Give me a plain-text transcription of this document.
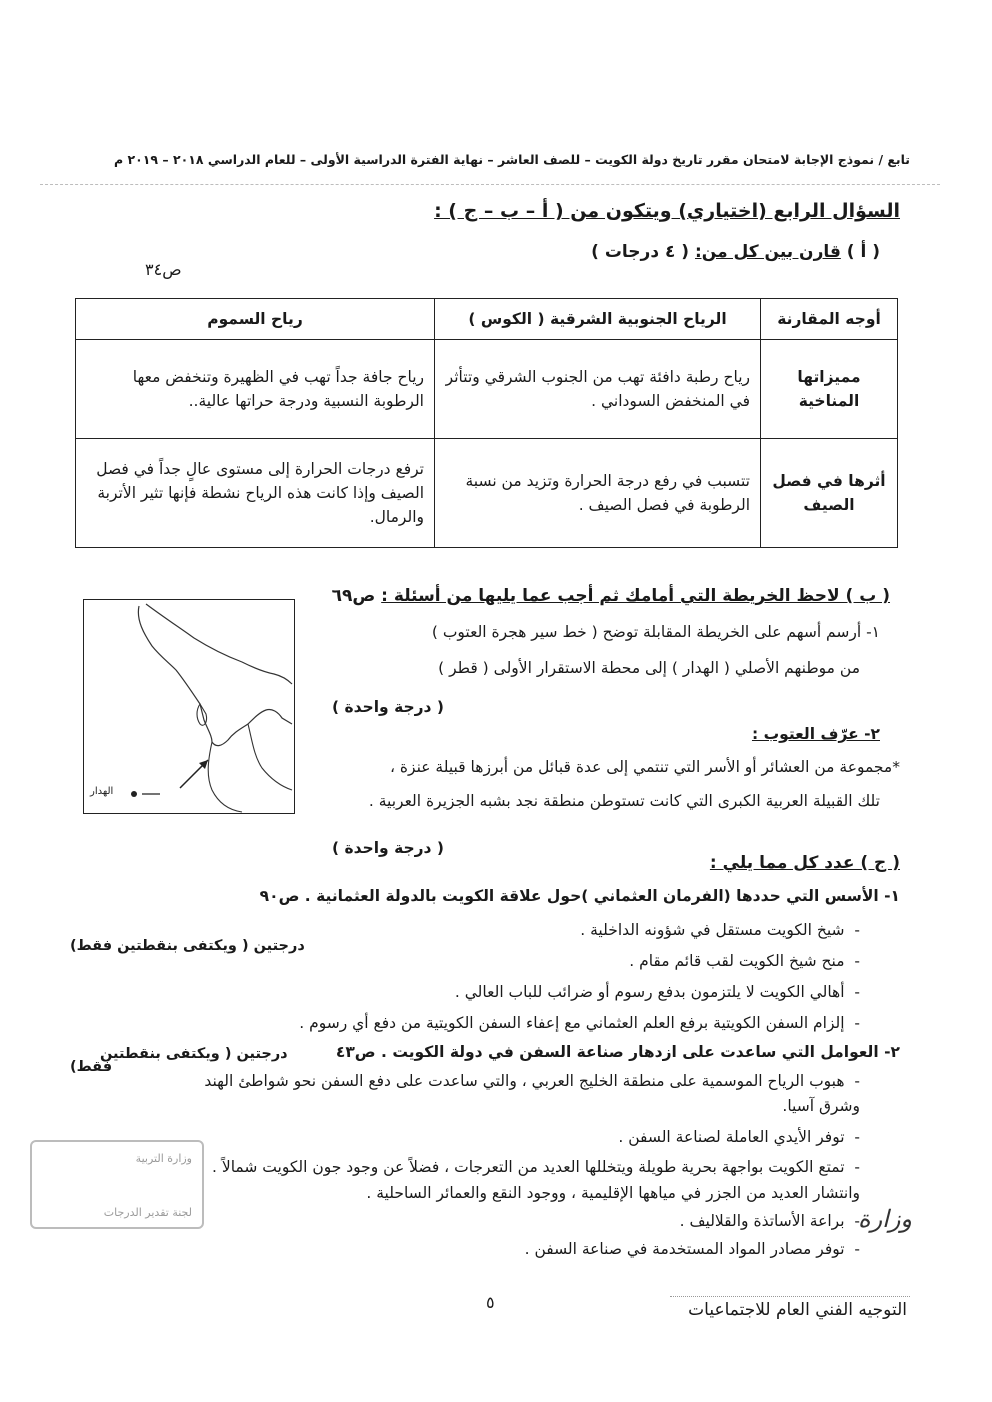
تابع / نموذج الإجابة لامتحان مقرر تاريخ دولة الكويت – للصف العاشر – نهاية الفترة الدراسية الأولى – للعام الدراسي ٢٠١٨ – ٢٠١٩ م
السؤال الرابع (اختياري) ويتكون من ( أ – ب – ج ) :
( أ ) قارن بين كل من: ( ٤ درجات )
ص٣٤
أوجه المقارنة	الرياح الجنوبية الشرقية ( الكوس )	رياح السموم
مميزاتها المناخية	رياح رطبة دافئة تهب من الجنوب الشرقي وتتأثر في المنخفض السوداني .	رياح جافة جداً تهب في الظهيرة وتنخفض معها الرطوبة النسبية ودرجة حراتها عالية..
أثرها في فصل الصيف	تتسبب في رفع درجة الحرارة وتزيد من نسبة الرطوبة في فصل الصيف .	ترفع درجات الحرارة إلى مستوى عالٍ جداً في فصل الصيف وإذا كانت هذه الرياح نشطة فإنها تثير الأتربة والرمال.
الهدار
( ب ) لاحظ الخريطة التي أمامك ثم أجب عما يليها من أسئلة : ص٦٩
١- أرسم أسهم على الخريطة المقابلة توضح ( خط سير هجرة العتوب )
من موطنهم الأصلي ( الهدار ) إلى محطة الاستقرار الأولى ( قطر )
( درجة واحدة )
٢- عرّف العتوب :
*مجموعة من العشائر أو الأسر التي تنتمي إلى عدة قبائل من أبرزها قبيلة عنزة ،
تلك القبيلة العربية الكبرى التي كانت تستوطن منطقة نجد بشبه الجزيرة العربية .
( درجة واحدة )
( ج ) عدد كل مما يلي :
١- الأسس التي حددها (الفرمان العثماني )حول علاقة الكويت بالدولة العثمانية . ص٩٠
درجتين ( ويكتفى بنقطتين فقط)
-  شيخ الكويت مستقل في شؤونه الداخلية .
-  منح شيخ الكويت لقب قائم مقام .
-  أهالي الكويت لا يلتزمون بدفع رسوم أو ضرائب للباب العالي .
-  إلزام السفن الكويتية برفع العلم العثماني مع إعفاء السفن الكويتية من دفع أي رسوم .
٢- العوامل التي ساعدت على ازدهار صناعة السفن في دولة الكويت . ص٤٣
درجتين ( ويكتفى بنقطتين
فقط)
-  هبوب الرياح الموسمية على منطقة الخليج العربي ، والتي ساعدت على دفع السفن نحو شواطئ الهند
وشرق آسيا.
-  توفر الأيدي العاملة لصناعة السفن .
-  تمتع الكويت بواجهة بحرية طويلة ويتخللها العديد من التعرجات ، فضلاً عن وجود جون الكويت شمالاً .
وانتشار العديد من الجزر في مياهها الإقليمية ، ووجود النقع والعمائر الساحلية .
-  براعة الأساتذة والقلاليف .
-  توفر مصادر المواد المستخدمة في صناعة السفن .
وزارة التربية
لجنة تقدير الدرجات	وزارة
٥	التوجيه الفني العام للاجتماعيات
